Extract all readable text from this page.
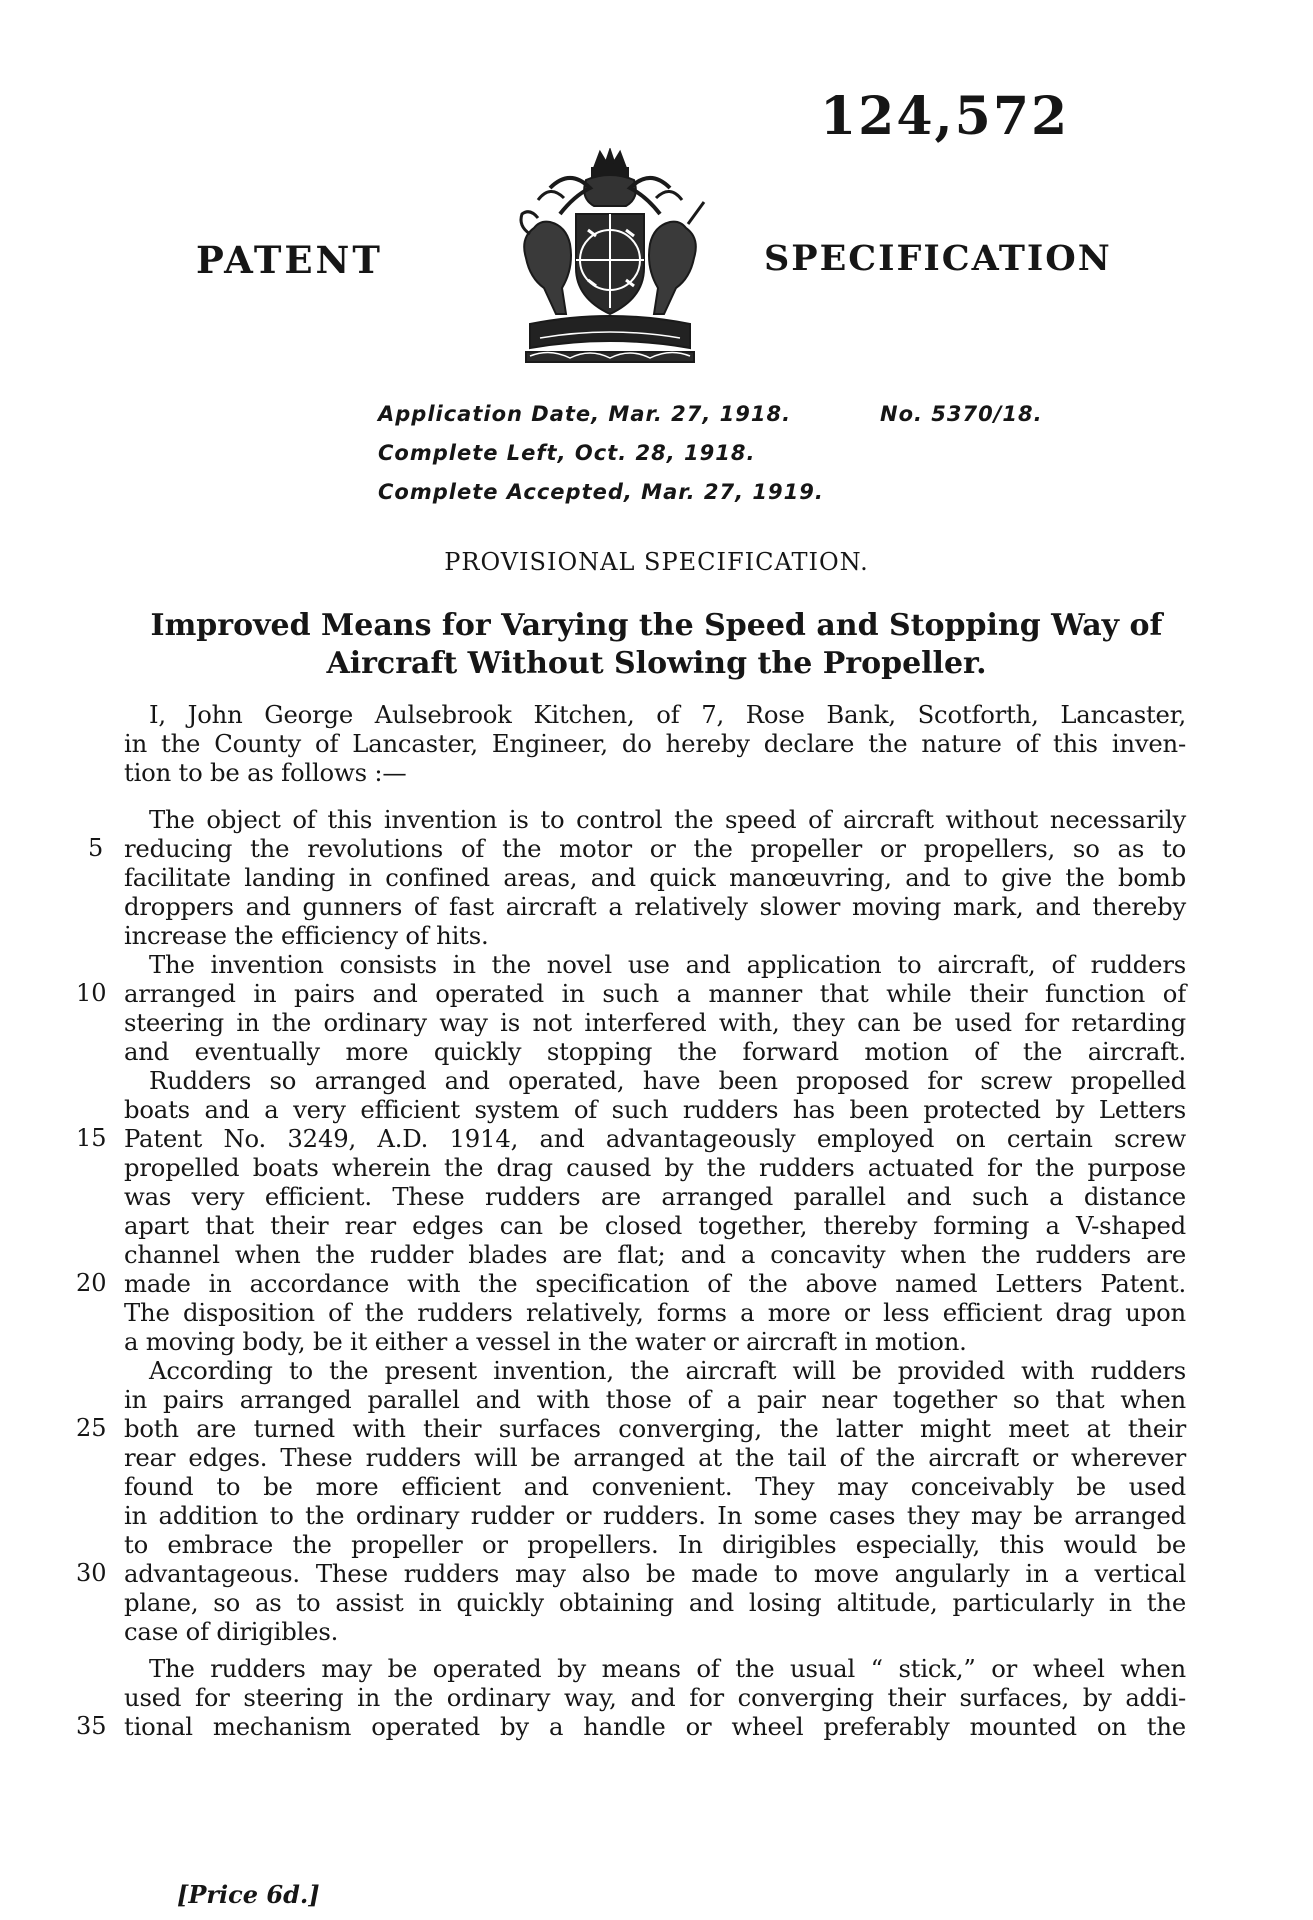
124,572
PATENT	SPECIFICATION
Application Date, Mar. 27, 1918.	No. 5370/18.
Complete Left, Oct. 28, 1918.
Complete Accepted, Mar. 27, 1919.
PROVISIONAL SPECIFICATION.
Improved Means for Varying the Speed and Stopping Way of
Aircraft Without Slowing the Propeller.
I, John George Aulsebrook Kitchen, of 7, Rose Bank, Scotforth, Lancaster,
in the County of Lancaster, Engineer, do hereby declare the nature of this inven-
tion to be as follows :—
The object of this invention is to control the speed of aircraft without necessarily
reducing the revolutions of the motor or the propeller or propellers, so as to
facilitate landing in confined areas, and quick manœuvring, and to give the bomb
droppers and gunners of fast aircraft a relatively slower moving mark, and thereby
increase the efficiency of hits.
The invention consists in the novel use and application to aircraft, of rudders
arranged in pairs and operated in such a manner that while their function of
steering in the ordinary way is not interfered with, they can be used for retarding
and eventually more quickly stopping the forward motion of the aircraft.
Rudders so arranged and operated, have been proposed for screw propelled
boats and a very efficient system of such rudders has been protected by Letters
Patent No. 3249, A.D. 1914, and advantageously employed on certain screw
propelled boats wherein the drag caused by the rudders actuated for the purpose
was very efficient. These rudders are arranged parallel and such a distance
apart that their rear edges can be closed together, thereby forming a V-shaped
channel when the rudder blades are flat; and a concavity when the rudders are
made in accordance with the specification of the above named Letters Patent.
The disposition of the rudders relatively, forms a more or less efficient drag upon
a moving body, be it either a vessel in the water or aircraft in motion.
According to the present invention, the aircraft will be provided with rudders
in pairs arranged parallel and with those of a pair near together so that when
both are turned with their surfaces converging, the latter might meet at their
rear edges. These rudders will be arranged at the tail of the aircraft or wherever
found to be more efficient and convenient. They may conceivably be used
in addition to the ordinary rudder or rudders. In some cases they may be arranged
to embrace the propeller or propellers. In dirigibles especially, this would be
advantageous. These rudders may also be made to move angularly in a vertical
plane, so as to assist in quickly obtaining and losing altitude, particularly in the
case of dirigibles.
The rudders may be operated by means of the usual “ stick,” or wheel when
used for steering in the ordinary way, and for converging their surfaces, by addi-
tional mechanism operated by a handle or wheel preferably mounted on the
5
10
15
20
25
30
35
[Price 6d.]
